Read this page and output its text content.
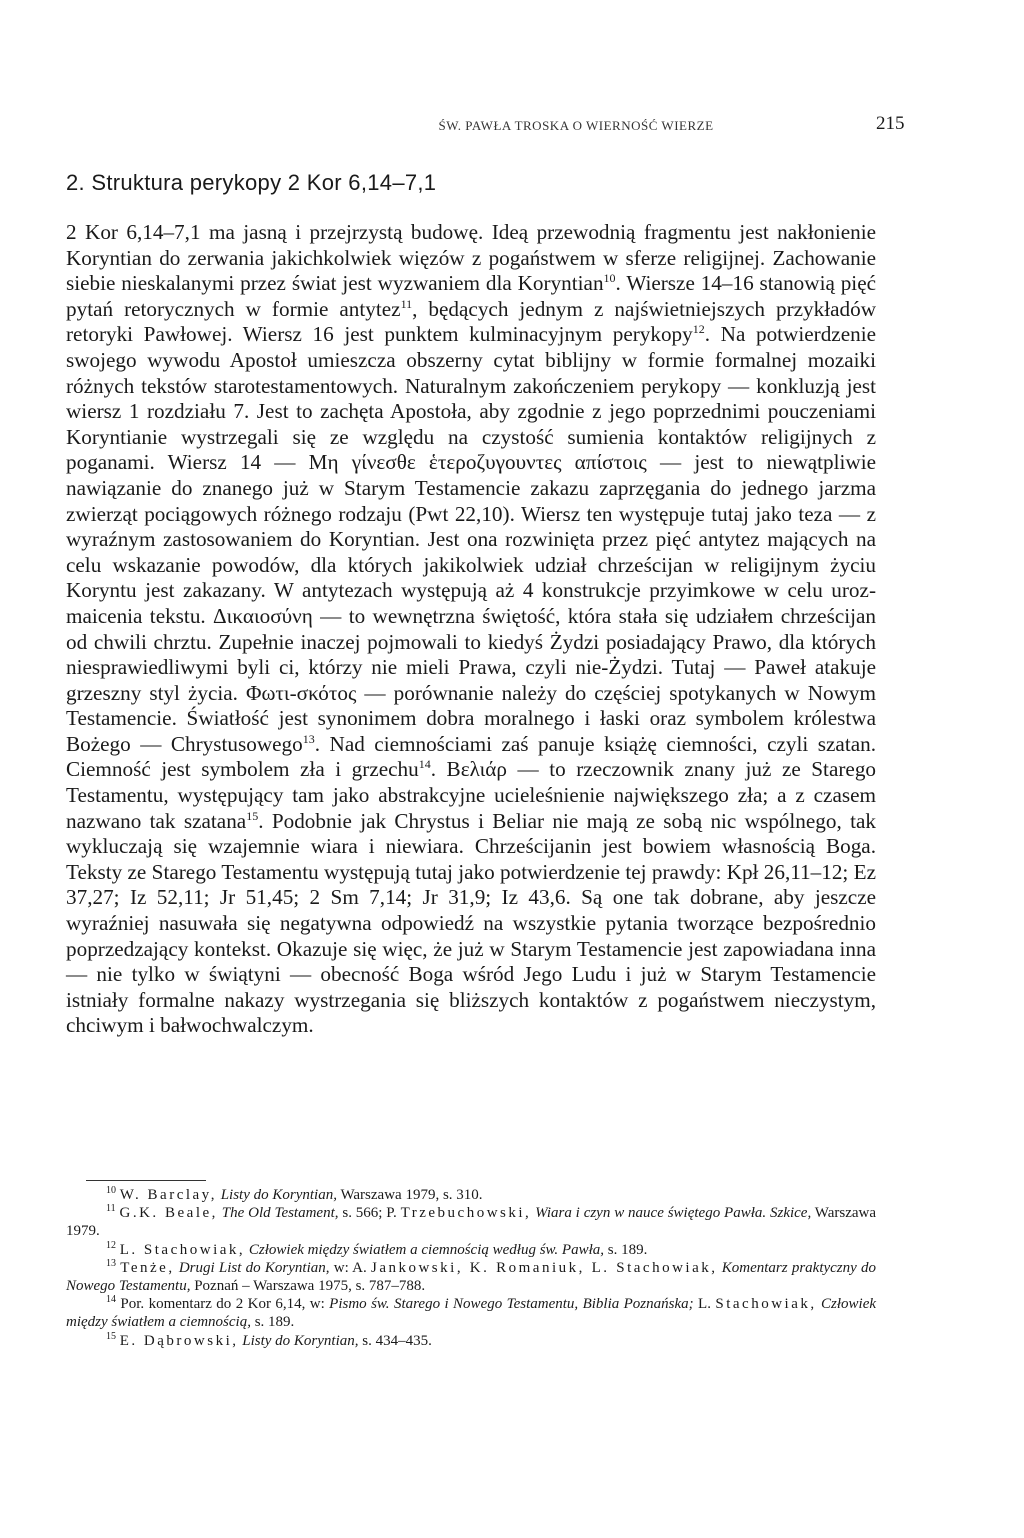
ŚW. PAWŁA TROSKA O WIERNOŚĆ WIERZE	215
2. Struktura perykopy 2 Kor 6,14–7,1

2 Kor 6,14–7,1 ma jasną i przejrzystą budowę. Ideą przewodnią fragmentu jest nakłonienie Koryntian do zerwania jakichkolwiek więzów z pogaństwem w sferze religijnej. Zachowanie siebie nieskalanymi przez świat jest wyzwaniem dla Koryntian$^{10}$. Wiersze 14–16 stanowią pięć pytań retorycznych w formie antytez$^{11}$, będących jednym z najświetniejszych przykładów retoryki Pawłowej. Wiersz 16 jest punktem kulminacyjnym perykopy$^{12}$. Na potwierdzenie swojego wywodu Apostoł umieszcza obszerny cytat biblijny w formie formalnej mozaiki różnych tekstów starotestamentowych. Naturalnym zakończeniem perykopy — konkluzją jest wiersz 1 rozdziału 7. Jest to zachęta Apostoła, aby zgodnie z jego poprzednimi pouczeniami Koryntianie wystrzegali się ze względu na czystość sumienia kontaktów religijnych z poganami. Wiersz 14 — Μη γίνεσθε ἑτεροζυγουντες απίστοις — jest to niewątpliwie nawiązanie do znanego już w Starym Testamencie zakazu zaprzęgania do jednego jarzma zwierząt pociągowych różnego rodzaju (Pwt 22,10). Wiersz ten występuje tutaj jako teza — z wyraźnym zastosowaniem do Koryntian. Jest ona rozwinięta przez pięć antytez mających na celu wskazanie powodów, dla których jakikolwiek udział chrześcijan w religijnym życiu Koryntu jest zakazany. W antytezach występują aż 4 konstrukcje przyimkowe w celu urozmaicenia tekstu. Δικαιοσύνη — to wewnętrzna świętość, która stała się udziałem chrześcijan od chwili chrztu. Zupełnie inaczej pojmowali to kiedyś Żydzi posiadający Prawo, dla których niesprawiedliwymi byli ci, którzy nie mieli Prawa, czyli nie-Żydzi. Tutaj — Paweł atakuje grzeszny styl życia. Φωτι-σκότος — porównanie należy do częściej spotykanych w Nowym Testamencie. Światłość jest synonimem dobra moralnego i łaski oraz symbolem królestwa Bożego — Chrystusowego$^{13}$. Nad ciemnościami zaś panuje książę ciemności, czyli szatan. Ciemność jest symbolem zła i grzechu$^{14}$. Βελιάρ — to rzeczownik znany już ze Starego Testamentu, występujący tam jako abstrakcyjne ucieleśnienie największego zła; a z czasem nazwano tak szatana$^{15}$. Podobnie jak Chrystus i Beliar nie mają ze sobą nic wspólnego, tak wykluczają się wzajemnie wiara i niewiara. Chrześcijanin jest bowiem własnością Boga. Teksty ze Starego Testamentu występują tutaj jako potwierdzenie tej prawdy: Kpł 26,11–12; Ez 37,27; Iz 52,11; Jr 51,45; 2 Sm 7,14; Jr 31,9; Iz 43,6. Są one tak dobrane, aby jeszcze wyraźniej nasuwała się negatywna odpowiedź na wszystkie pytania tworzące bezpośrednio poprzedzający kontekst. Okazuje się więc, że już w Starym Testamencie jest zapowiadana inna — nie tylko w świątyni — obecność Boga wśród Jego Ludu i już w Starym Testamencie istniały formalne nakazy wystrzegania się bliższych kontaktów z pogaństwem nieczystym, chciwym i bałwochwalczym.

$^{10}$ W. Barclay, Listy do Koryntian, Warszawa 1979, s. 310.

$^{11}$ G.K. Beale, The Old Testament, s. 566; P. Trzebuchowski, Wiara i czyn w nauce świętego Pawła. Szkice, Warszawa 1979.

$^{12}$ L. Stachowiak, Człowiek między światłem a ciemnością według św. Pawła, s. 189.

$^{13}$ Tenże, Drugi List do Koryntian, w: A. Jankowski, K. Romaniuk, L. Stachowiak, Komentarz praktyczny do Nowego Testamentu, Poznań – Warszawa 1975, s. 787–788.

$^{14}$ Por. komentarz do 2 Kor 6,14, w: Pismo św. Starego i Nowego Testamentu, Biblia Poznańska; L. Stachowiak, Człowiek między światłem a ciemnością, s. 189.

$^{15}$ E. Dąbrowski, Listy do Koryntian, s. 434–435.
